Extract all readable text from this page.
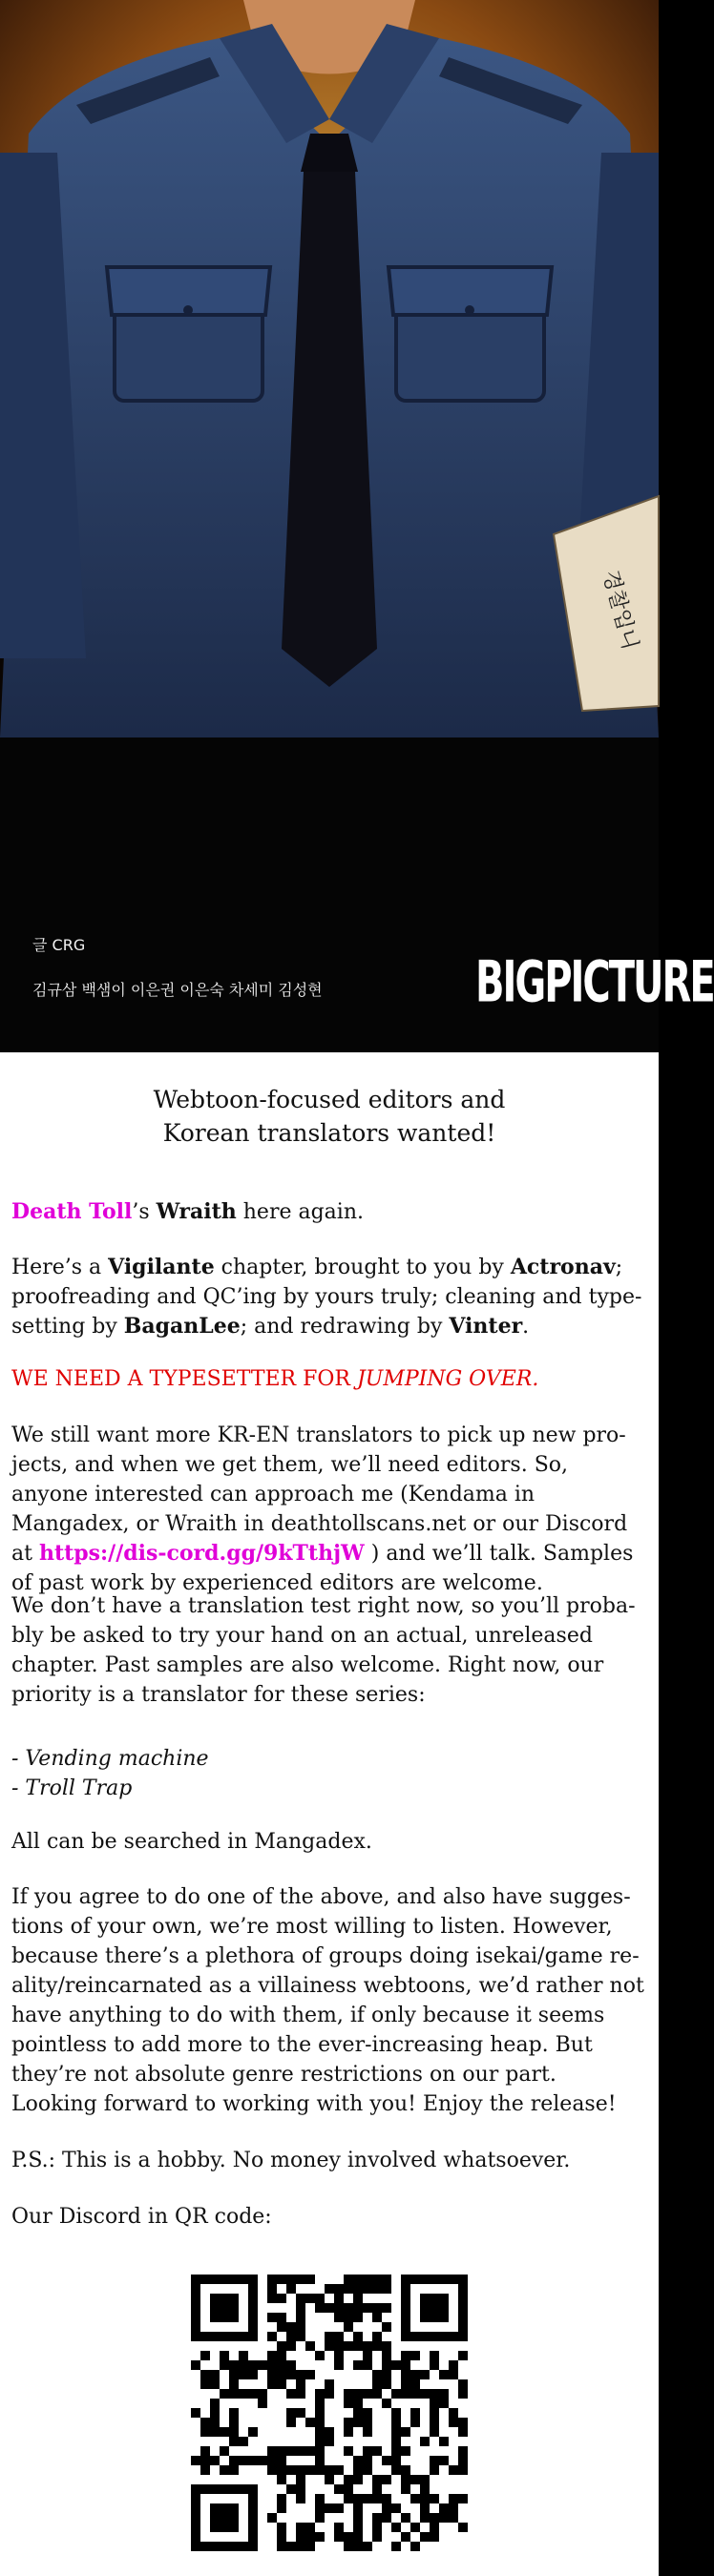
경찰입니
글 CRG
김규삼 백샘이 이은권 이은숙 차세미 김성현	BIGPICTURE
Webtoon-focused editors and
Korean translators wanted!
Death Toll’s Wraith here again.
Here’s a Vigilante chapter, brought to you by Actronav; proofreading and QC’ing by yours truly; cleaning and type-setting by BaganLee; and redrawing by Vinter.
WE NEED A TYPESETTER FOR JUMPING OVER.
We still want more KR-EN translators to pick up new pro-jects, and when we get them, we’ll need editors. So, anyone interested can approach me (Kendama in Mangadex, or Wraith in deathtollscans.net or our Discord at https://dis-cord.gg/9kTthjW ) and we’ll talk. Samples of past work by experienced editors are welcome.
We don’t have a translation test right now, so you’ll proba-bly be asked to try your hand on an actual, unreleased chapter. Past samples are also welcome. Right now, our priority is a translator for these series:
- Vending machine
- Troll Trap
All can be searched in Mangadex.
If you agree to do one of the above, and also have sugges-tions of your own, we’re most willing to listen. However, because there’s a plethora of groups doing isekai/game re-ality/reincarnated as a villainess webtoons, we’d rather not have anything to do with them, if only because it seems pointless to add more to the ever-increasing heap. But they’re not absolute genre restrictions on our part.
Looking forward to working with you! Enjoy the release!
P.S.: This is a hobby. No money involved whatsoever.
Our Discord in QR code:
